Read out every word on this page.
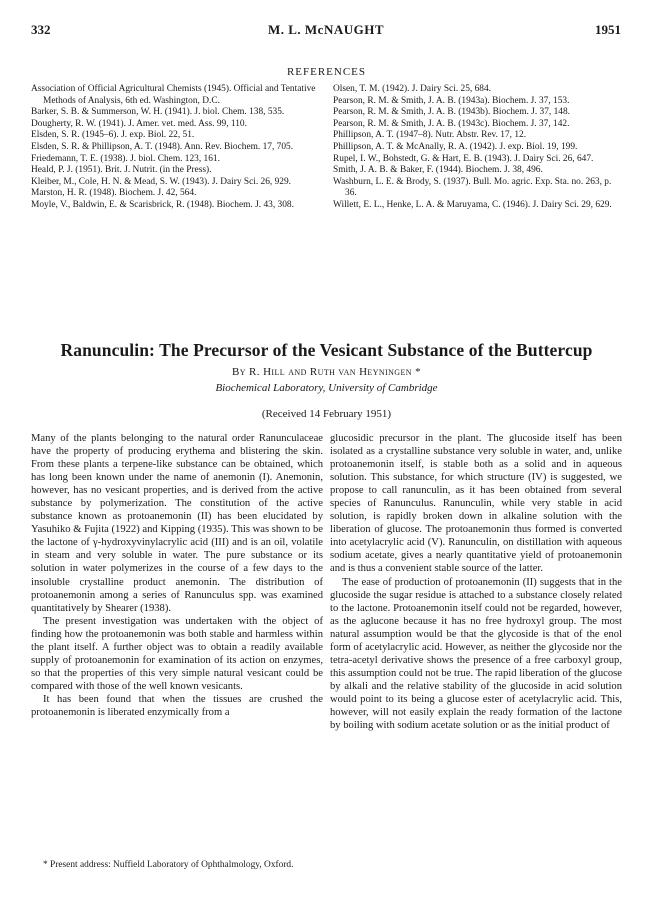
332	M. L. McNAUGHT	1951
REFERENCES

Association of Official Agricultural Chemists (1945). Official and Tentative Methods of Analysis, 6th ed. Washington, D.C.

Barker, S. B. & Summerson, W. H. (1941). J. biol. Chem. 138, 535.

Dougherty, R. W. (1941). J. Amer. vet. med. Ass. 99, 110.

Elsden, S. R. (1945–6). J. exp. Biol. 22, 51.

Elsden, S. R. & Phillipson, A. T. (1948). Ann. Rev. Biochem. 17, 705.

Friedemann, T. E. (1938). J. biol. Chem. 123, 161.

Heald, P. J. (1951). Brit. J. Nutrit. (in the Press).

Kleiber, M., Cole, H. N. & Mead, S. W. (1943). J. Dairy Sci. 26, 929.

Marston, H. R. (1948). Biochem. J. 42, 564.

Moyle, V., Baldwin, E. & Scarisbrick, R. (1948). Biochem. J. 43, 308.

Olsen, T. M. (1942). J. Dairy Sci. 25, 684.

Pearson, R. M. & Smith, J. A. B. (1943a). Biochem. J. 37, 153.

Pearson, R. M. & Smith, J. A. B. (1943b). Biochem. J. 37, 148.

Pearson, R. M. & Smith, J. A. B. (1943c). Biochem. J. 37, 142.

Phillipson, A. T. (1947–8). Nutr. Abstr. Rev. 17, 12.

Phillipson, A. T. & McAnally, R. A. (1942). J. exp. Biol. 19, 199.

Rupel, I. W., Bohstedt, G. & Hart, E. B. (1943). J. Dairy Sci. 26, 647.

Smith, J. A. B. & Baker, F. (1944). Biochem. J. 38, 496.

Washburn, L. E. & Brody, S. (1937). Bull. Mo. agric. Exp. Sta. no. 263, p. 36.

Willett, E. L., Henke, L. A. & Maruyama, C. (1946). J. Dairy Sci. 29, 629.

Ranunculin: The Precursor of the Vesicant Substance of the Buttercup
By R. Hill and Ruth van Heyningen *
Biochemical Laboratory, University of Cambridge
(Received 14 February 1951)

Many of the plants belonging to the natural order Ranunculaceae have the property of producing erythema and blistering the skin. From these plants a terpene-like substance can be obtained, which has long been known under the name of anemonin (I). Anemonin, however, has no vesicant properties, and is derived from the active substance by polymerization. The constitution of the active substance known as protoanemonin (II) has been elucidated by Yasuhiko & Fujita (1922) and Kipping (1935). This was shown to be the lactone of γ-hydroxyvinylacrylic acid (III) and is an oil, volatile in steam and very soluble in water. The pure substance or its solution in water polymerizes in the course of a few days to the insoluble crystalline product anemonin. The distribution of protoanemonin among a series of Ranunculus spp. was examined quantitatively by Shearer (1938).

The present investigation was undertaken with the object of finding how the protoanemonin was both stable and harmless within the plant itself. A further object was to obtain a readily available supply of protoanemonin for examination of its action on enzymes, so that the properties of this very simple natural vesicant could be compared with those of the well known vesicants.

It has been found that when the tissues are crushed the protoanemonin is liberated enzymically from a

glucosidic precursor in the plant. The glucoside itself has been isolated as a crystalline substance very soluble in water, and, unlike protoanemonin itself, is stable both as a solid and in aqueous solution. This substance, for which structure (IV) is suggested, we propose to call ranunculin, as it has been obtained from several species of Ranunculus. Ranunculin, while very stable in acid solution, is rapidly broken down in alkaline solution with the liberation of glucose. The protoanemonin thus formed is converted into acetylacrylic acid (V). Ranunculin, on distillation with aqueous sodium acetate, gives a nearly quantitative yield of protoanemonin and is thus a convenient stable source of the latter.

The ease of production of protoanemonin (II) suggests that in the glucoside the sugar residue is attached to a substance closely related to the lactone. Protoanemonin itself could not be regarded, however, as the aglucone because it has no free hydroxyl group. The most natural assumption would be that the glycoside is that of the enol form of acetylacrylic acid. However, as neither the glycoside nor the tetra-acetyl derivative shows the presence of a free carboxyl group, this assumption could not be true. The rapid liberation of the glucose by alkali and the relative stability of the glucoside in acid solution would point to its being a glucose ester of acetylacrylic acid. This, however, will not easily explain the ready formation of the lactone by boiling with sodium acetate solution or as the initial product of

* Present address: Nuffield Laboratory of Ophthalmology, Oxford.
